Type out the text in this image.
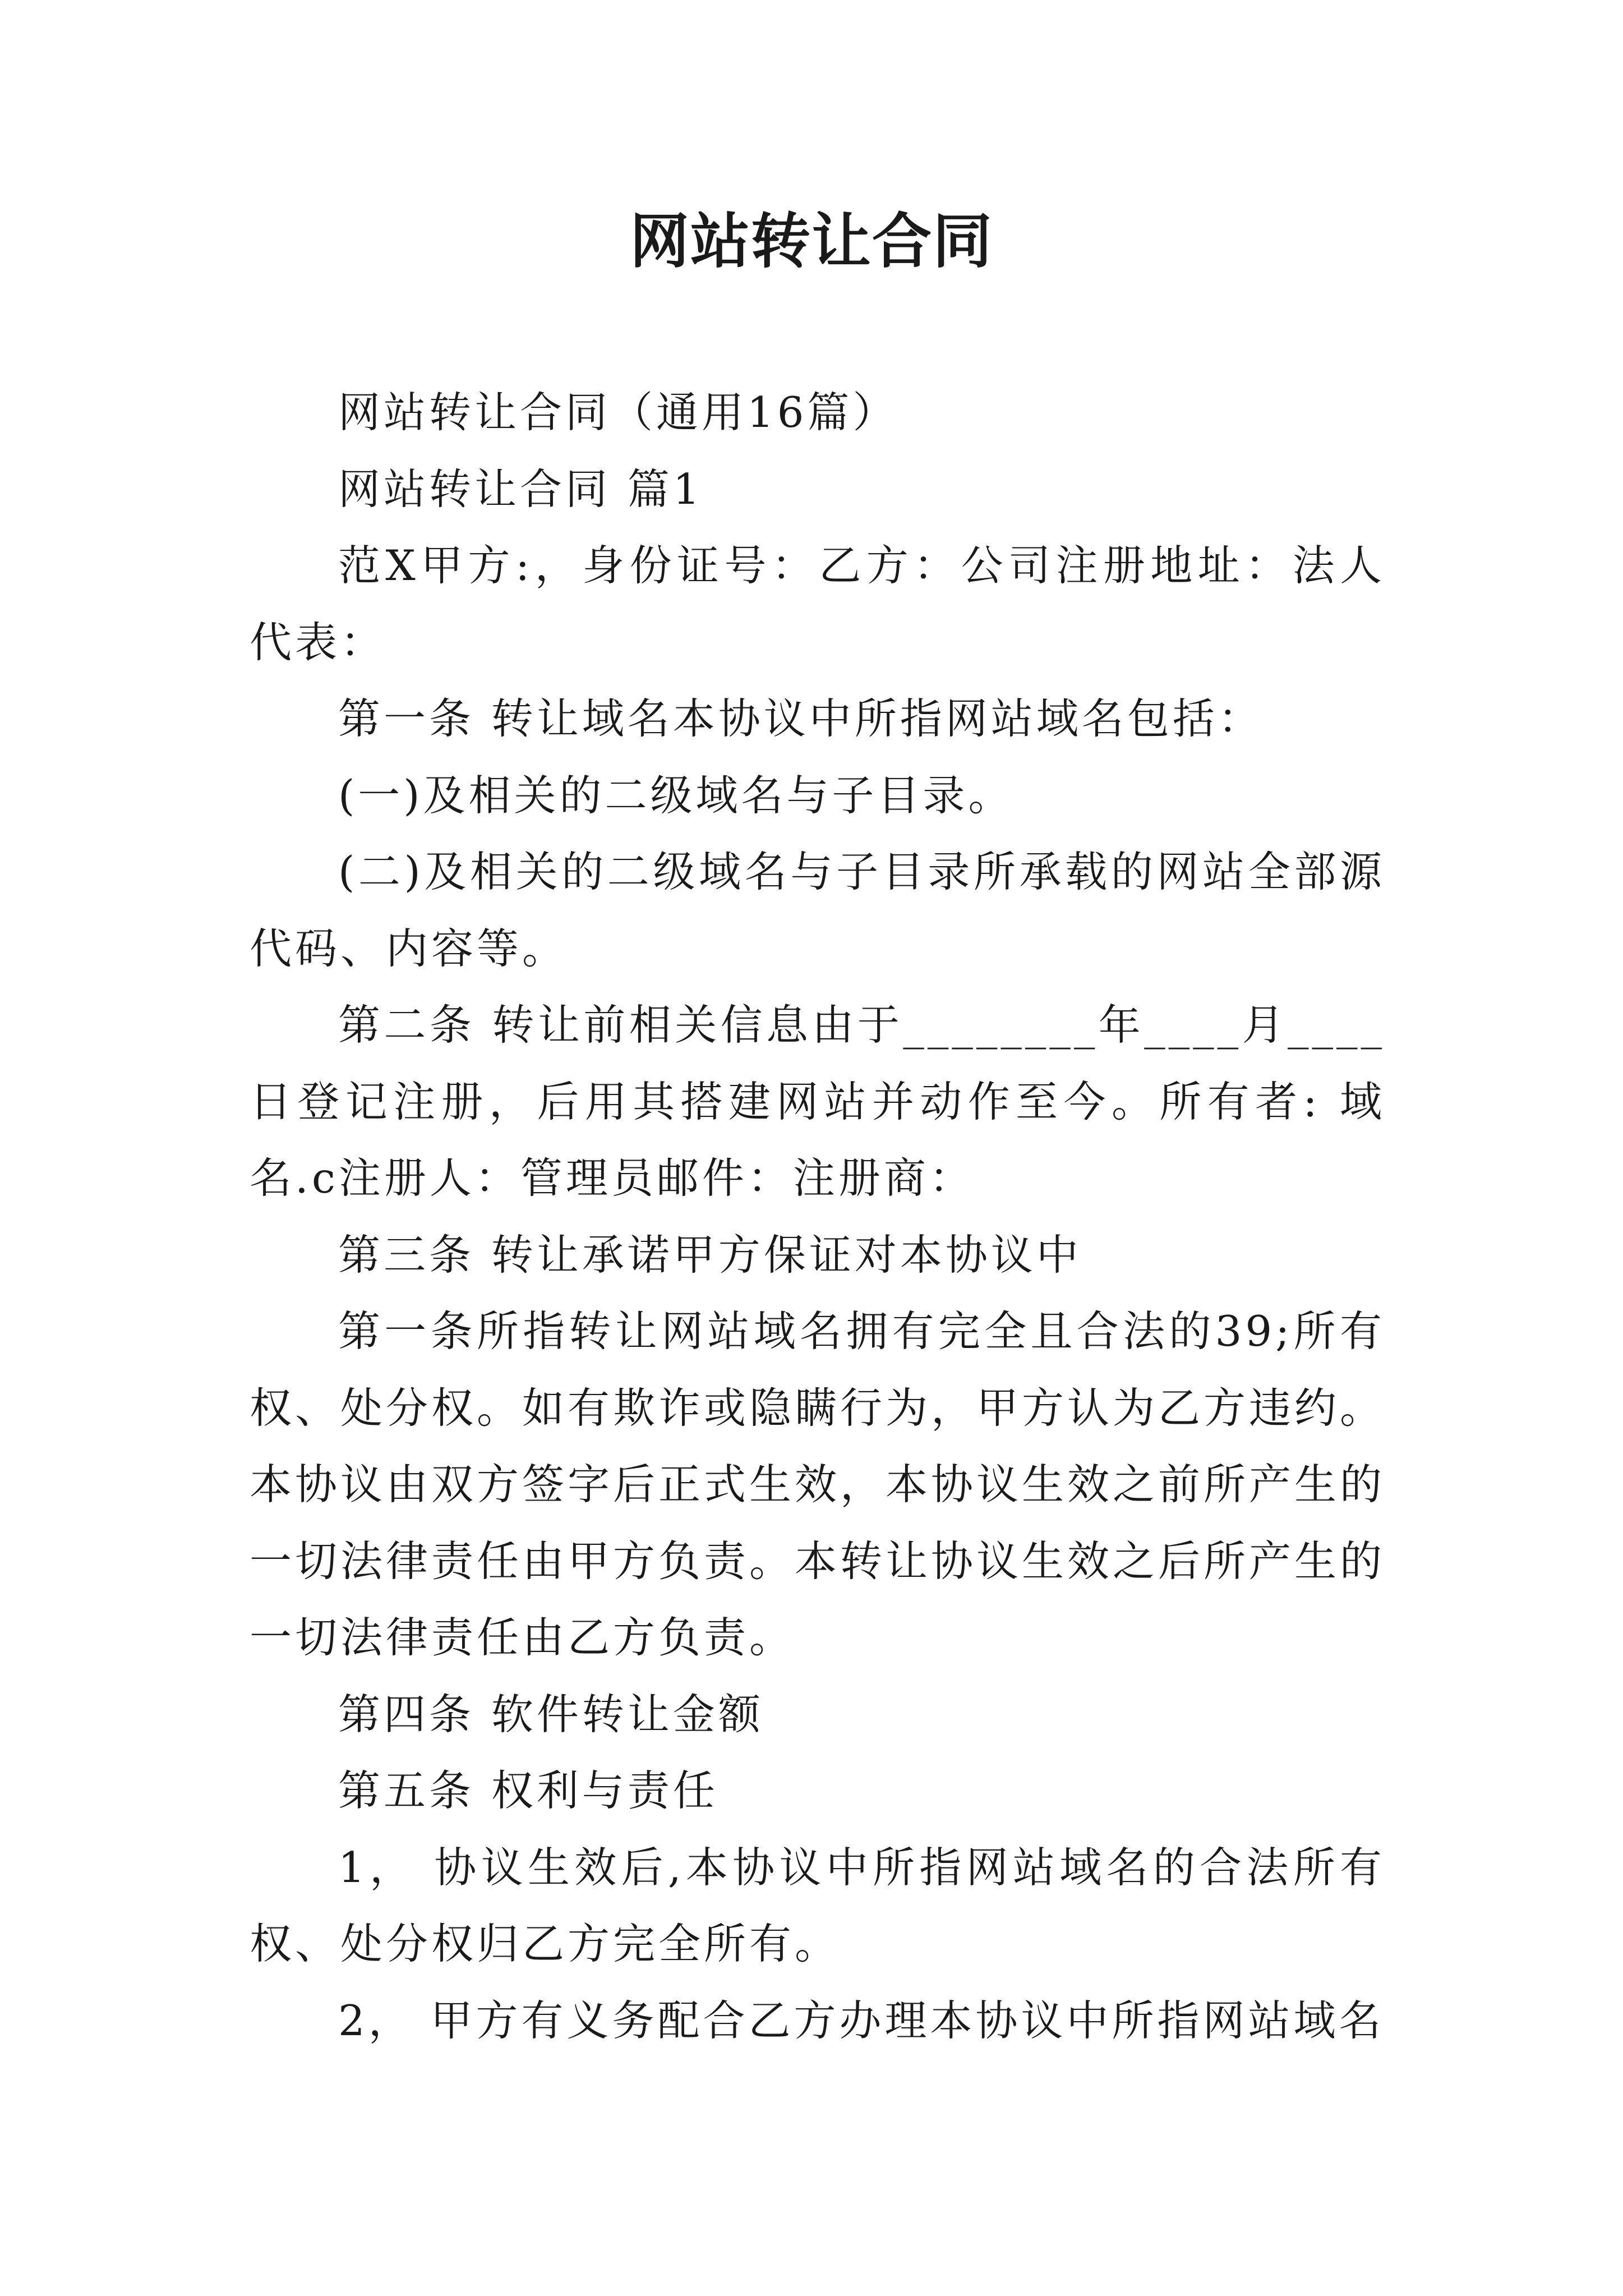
网站转让合同

网站转让合同（通用16篇）

网站转让合同 篇1

范X甲方:，身份证号：乙方：公司注册地址：法人代表：

第一条 转让域名本协议中所指网站域名包括：

(一)及相关的二级域名与子目录。

(二)及相关的二级域名与子目录所承载的网站全部源代码、内容等。

第二条 转让前相关信息由于________年____月____日登记注册，后用其搭建网站并动作至今。所有者: 域名.c注册人：管理员邮件：注册商：

第三条 转让承诺甲方保证对本协议中

第一条所指转让网站域名拥有完全且合法的39;所有权、处分权。如有欺诈或隐瞒行为，甲方认为乙方违约。本协议由双方签字后正式生效，本协议生效之前所产生的一切法律责任由甲方负责。本转让协议生效之后所产生的一切法律责任由乙方负责。

第四条 软件转让金额

第五条 权利与责任

1， 协议生效后,本协议中所指网站域名的合法所有权、处分权归乙方完全所有。

2， 甲方有义务配合乙方办理本协议中所指网站域名
